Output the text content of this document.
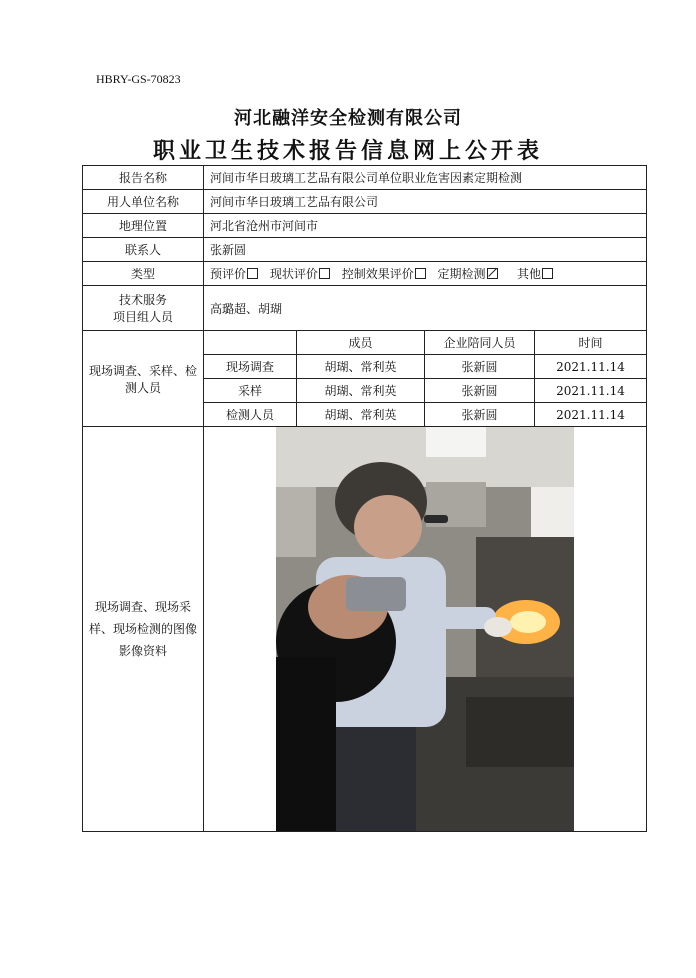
HBRY-GS-70823
河北融洋安全检测有限公司
职业卫生技术报告信息网上公开表
报告名称	河间市华日玻璃工艺品有限公司单位职业危害因素定期检测			
用人单位名称	河间市华日玻璃工艺品有限公司			
地理位置	河北省沧州市河间市			
联系人	张新圆			
类型	预评价 现状评价 控制效果评价 定期检测 其他			

技术服务
项目组人员	高璐超、胡瑚			
现场调查、采样、检测人员		成员	企业陪同人员	时间
	现场调查	胡瑚、常利英	张新圆	2021.11.14
	采样	胡瑚、常利英	张新圆	2021.11.14
	检测人员	胡瑚、常利英	张新圆	2021.11.14
现场调查、现场采样、现场检测的图像影像资料	
